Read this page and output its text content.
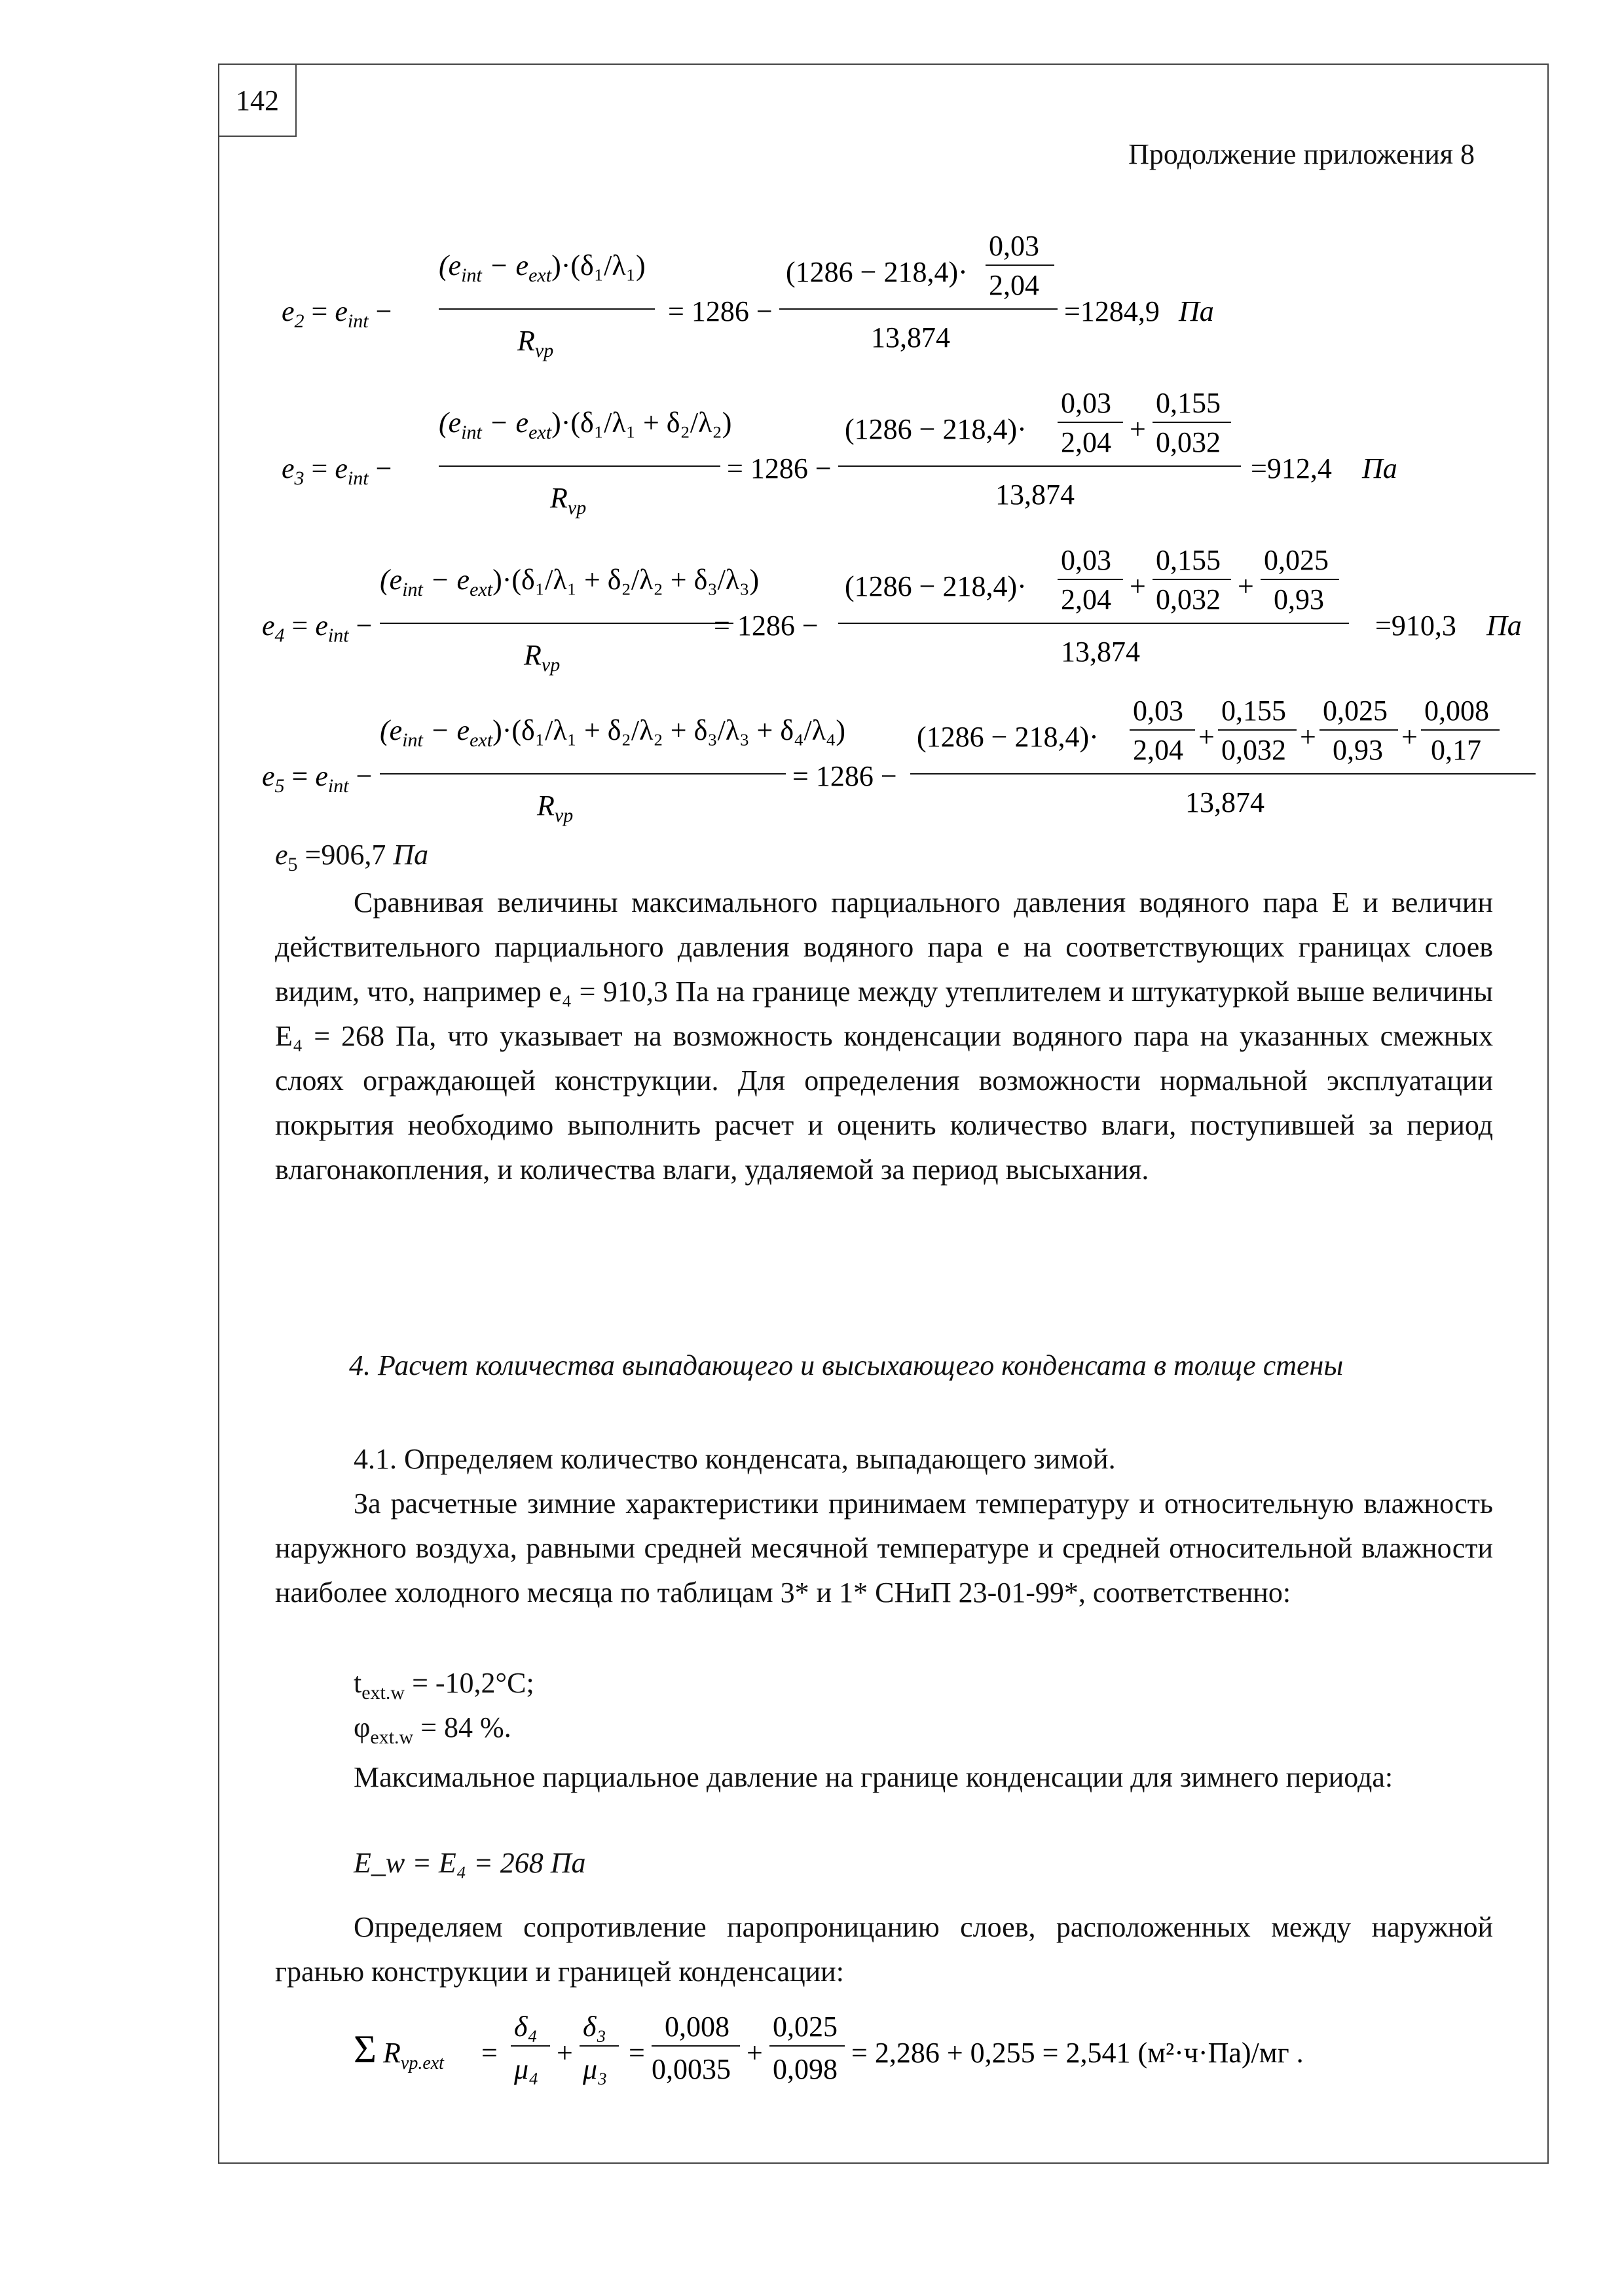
142
Продолжение приложения 8
$e_2 = e_{int}$ −
$(e_{int} - e_{ext})\cdot(\delta_1/\lambda_1)$
$R_{vp}$
= 1286 −
(1286 − 218,4)·
0,03
2,04
13,874
=1284,9 Па
$e_3 = e_{int}$ −
$(e_{int} - e_{ext})\cdot(\delta_1/\lambda_1 + \delta_2/\lambda_2)$
$R_{vp}$
= 1286 −
(1286 − 218,4)·
0,03
2,04 +
0,155
0,032
13,874
=912,4 Па
$e_4 = e_{int}$ −
$(e_{int} - e_{ext})\cdot(\delta_1/\lambda_1 + \delta_2/\lambda_2 + \delta_3/\lambda_3)$
$R_{vp}$
= 1286 −
(1286 − 218,4)·
0,03
2,04 +
0,155
0,032 +
0,025
0,93
13,874
=910,3 Па
$e_5 = e_{int}$ −
$(e_{int} - e_{ext})\cdot(\delta_1/\lambda_1 + \delta_2/\lambda_2 + \delta_3/\lambda_3 + \delta_4/\lambda_4)$
$R_{vp}$
= 1286 −
(1286 − 218,4)·
0,03
2,04 +
0,155
0,032 +
0,025
0,93 +
0,008
0,17
13,874
$e_5 =906,7$ Па
Сравнивая величины максимального парциального давления водяного пара E и величин действительного парциального давления водяного пара e на соответствующих границах слоев видим, что, например e₄ = 910,3 Па на границе между утеплителем и штукатуркой выше величины E₄ = 268 Па, что указывает на возможность конденсации водяного пара на указанных смежных слоях ограждающей конструкции. Для определения возможности нормальной эксплуатации покрытия необходимо выполнить расчет и оценить количество влаги, поступившей за период влагонакопления, и количества влаги, удаляемой за период высыхания.
4. Расчет количества выпадающего и высыхающего конденсата в толще стены
4.1. Определяем количество конденсата, выпадающего зимой.
За расчетные зимние характеристики принимаем температуру и относительную влажность наружного воздуха, равными средней месячной температуре и средней относительной влажности наиболее холодного месяца по таблицам 3* и 1* СНиП 23-01-99*, соответственно:
$t_{ext.w} = -10,2^\circ С$;
$\varphi_{ext.w} = 84$ %.
Максимальное парциальное давление на границе конденсации для зимнего периода:
E_w = E₄ = 268 Па
Определяем сопротивление паропроницанию слоев, расположенных между наружной гранью конструкции и границей конденсации:
Σ $R_{vp.ext}$ =
δ₄
μ₄
+
δ₃
μ₃
=
0,008
0,0035
+
0,025
0,098
= 2,286 + 0,255 = 2,541 (м²·ч·Па)/мг .
